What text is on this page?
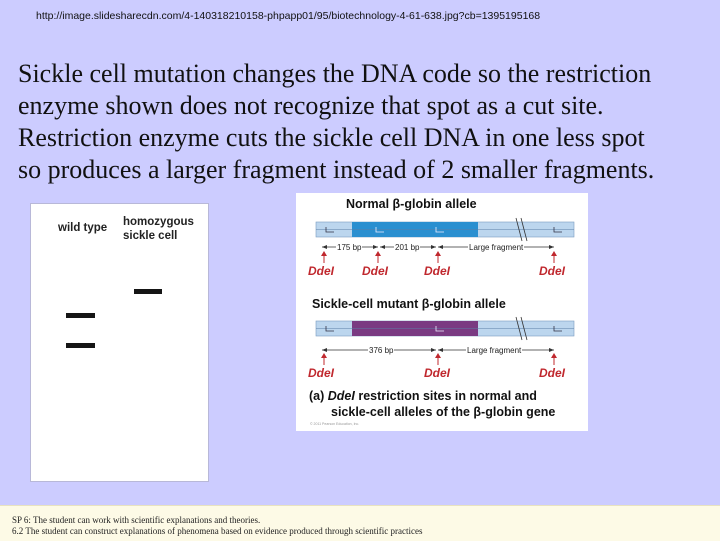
http://image.slidesharecdn.com/4-140318210158-phpapp01/95/biotechnology-4-61-638.jpg?cb=1395195168
Sickle cell mutation changes the DNA code so the restriction
enzyme shown does not recognize that spot as a cut site.
Restriction enzyme cuts the sickle cell DNA in one less spot
so produces a larger fragment instead of 2 smaller fragments.
wild type homozygous
sickle cell
Normal β-globin allele
175 bp	201 bp	Large fragment
DdeI DdeI	DdeI	DdeI
Sickle-cell mutant β-globin allele
376 bp	Large fragment
DdeI	DdeI	DdeI
(a) DdeI restriction sites in normal and
sickle-cell alleles of the β-globin gene
© 2011 Pearson Education, Inc.
SP 6: The student can work with scientific explanations and theories.
6.2 The student can construct explanations of phenomena based on evidence produced through scientific practices
